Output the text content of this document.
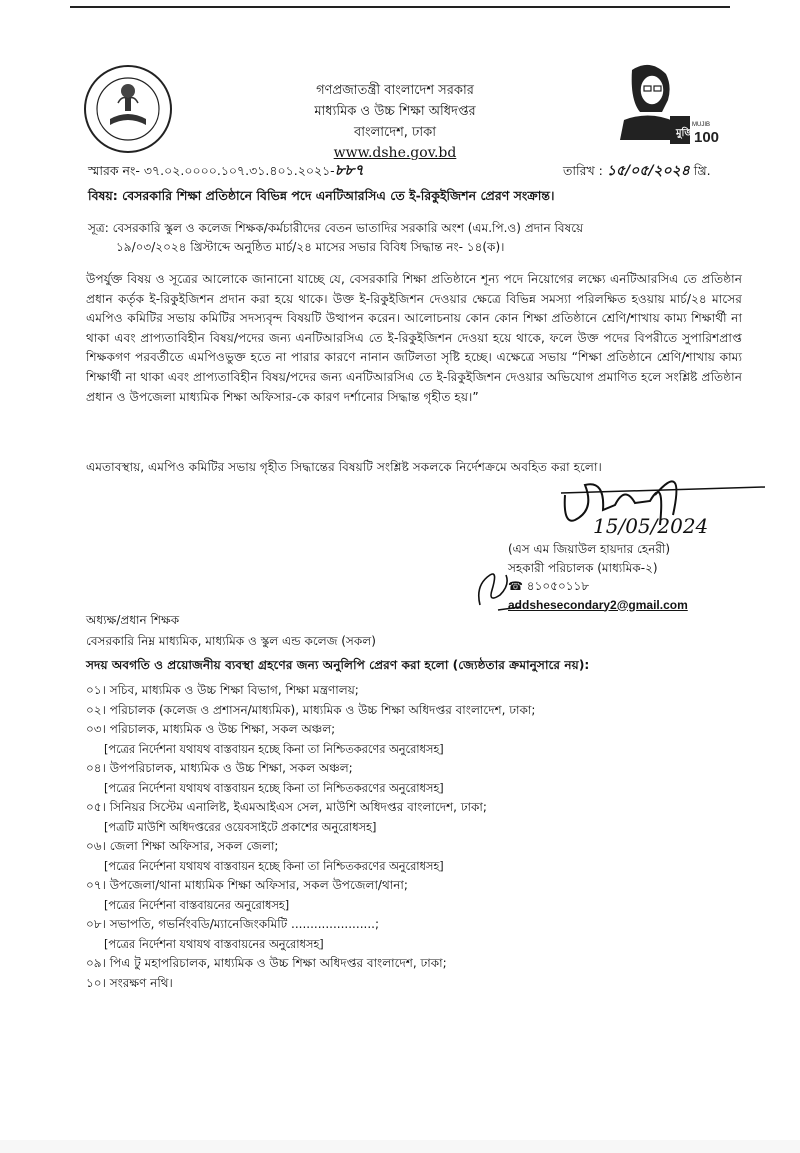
মুজিব
MUJIB
100
গণপ্রজাতন্ত্রী বাংলাদেশ সরকার
মাধ্যমিক ও উচ্চ শিক্ষা অধিদপ্তর
বাংলাদেশ, ঢাকা
www.dshe.gov.bd
স্মারক নং- ৩৭.০২.০০০০.১০৭.৩১.৪০১.২০২১-৮৮৭	তারিখ : ১৫/০৫/২০২৪ খ্রি.
বিষয়: বেসরকারি শিক্ষা প্রতিষ্ঠানে বিভিন্ন পদে এনটিআরসিএ তে ই-রিকুইজিশন প্রেরণ সংক্রান্ত।
সূত্র: বেসরকারি স্কুল ও কলেজ শিক্ষক/কর্মচারীদের বেতন ভাতাদির সরকারি অংশ (এম.পি.ও) প্রদান বিষয়ে
১৯/০৩/২০২৪ খ্রিস্টাব্দে অনুষ্ঠিত মার্চ/২৪ মাসের সভার বিবিধ সিদ্ধান্ত নং- ১৪(ক)।
উপর্যুক্ত বিষয় ও সূত্রের আলোকে জানানো যাচ্ছে যে, বেসরকারি শিক্ষা প্রতিষ্ঠানে শূন্য পদে নিয়োগের লক্ষ্যে এনটিআরসিএ তে প্রতিষ্ঠান প্রধান কর্তৃক ই-রিকুইজিশন প্রদান করা হয়ে থাকে। উক্ত ই-রিকুইজিশন দেওয়ার ক্ষেত্রে বিভিন্ন সমস্যা পরিলক্ষিত হওয়ায় মার্চ/২৪ মাসের এমপিও কমিটির সভায় কমিটির সদস্যবৃন্দ বিষয়টি উত্থাপন করেন। আলোচনায় কোন কোন শিক্ষা প্রতিষ্ঠানে শ্রেণি/শাখায় কাম্য শিক্ষার্থী না থাকা এবং প্রাপ্যতাবিহীন বিষয়/পদের জন্য এনটিআরসিএ তে ই-রিকুইজিশন দেওয়া হয়ে থাকে, ফলে উক্ত পদের বিপরীতে সুপারিশপ্রাপ্ত শিক্ষকগণ পরবর্তীতে এমপিওভুক্ত হতে না পারার কারণে নানান জটিলতা সৃষ্টি হচ্ছে। এক্ষেত্রে সভায় “শিক্ষা প্রতিষ্ঠানে শ্রেণি/শাখায় কাম্য শিক্ষার্থী না থাকা এবং প্রাপ্যতাবিহীন বিষয়/পদের জন্য এনটিআরসিএ তে ই-রিকুইজিশন দেওয়ার অভিযোগ প্রমাণিত হলে সংশ্লিষ্ট প্রতিষ্ঠান প্রধান ও উপজেলা মাধ্যমিক শিক্ষা অফিসার-কে কারণ দর্শানোর সিদ্ধান্ত গৃহীত হয়।”
এমতাবস্থায়, এমপিও কমিটির সভায় গৃহীত সিদ্ধান্তের বিষয়টি সংশ্লিষ্ট সকলকে নির্দেশক্রমে অবহিত করা হলো।
15/05/2024
(এস এম জিয়াউল হায়দার হেনরী)
সহকারী পরিচালক (মাধ্যমিক-২)
☎ ৪১০৫০১১৮
addshesecondary2@gmail.com
অধ্যক্ষ/প্রধান শিক্ষক
বেসরকারি নিম্ন মাধ্যমিক, মাধ্যমিক ও স্কুল এন্ড কলেজ (সকল)
সদয় অবগতি ও প্রয়োজনীয় ব্যবস্থা গ্রহণের জন্য অনুলিপি প্রেরণ করা হলো (জ্যেষ্ঠতার ক্রমানুসারে নয়):
০১। সচিব, মাধ্যমিক ও উচ্চ শিক্ষা বিভাগ, শিক্ষা মন্ত্রণালয়;
০২। পরিচালক (কলেজ ও প্রশাসন/মাধ্যমিক), মাধ্যমিক ও উচ্চ শিক্ষা অধিদপ্তর বাংলাদেশ, ঢাকা;
০৩। পরিচালক, মাধ্যমিক ও উচ্চ শিক্ষা, সকল অঞ্চল;
[পত্রের নির্দেশনা যথাযথ বাস্তবায়ন হচ্ছে কিনা তা নিশ্চিতকরণের অনুরোধসহ]
০৪। উপপরিচালক, মাধ্যমিক ও উচ্চ শিক্ষা, সকল অঞ্চল;
[পত্রের নির্দেশনা যথাযথ বাস্তবায়ন হচ্ছে কিনা তা নিশ্চিতকরণের অনুরোধসহ]
০৫। সিনিয়র সিস্টেম এনালিষ্ট, ইএমআইএস সেল, মাউশি অধিদপ্তর বাংলাদেশ, ঢাকা;
[পত্রটি মাউশি অধিদপ্তরের ওয়েবসাইটে প্রকাশের অনুরোধসহ]
০৬। জেলা শিক্ষা অফিসার, সকল জেলা;
[পত্রের নির্দেশনা যথাযথ বাস্তবায়ন হচ্ছে কিনা তা নিশ্চিতকরণের অনুরোধসহ]
০৭। উপজেলা/থানা মাধ্যমিক শিক্ষা অফিসার, সকল উপজেলা/থানা;
[পত্রের নির্দেশনা বাস্তবায়নের অনুরোধসহ]
০৮। সভাপতি, গভর্নিংবডি/ম্যানেজিংকমিটি ......................;
[পত্রের নির্দেশনা যথাযথ বাস্তবায়নের অনুরোধসহ]
০৯। পিএ টু মহাপরিচালক, মাধ্যমিক ও উচ্চ শিক্ষা অধিদপ্তর বাংলাদেশ, ঢাকা;
১০। সংরক্ষণ নথি।
